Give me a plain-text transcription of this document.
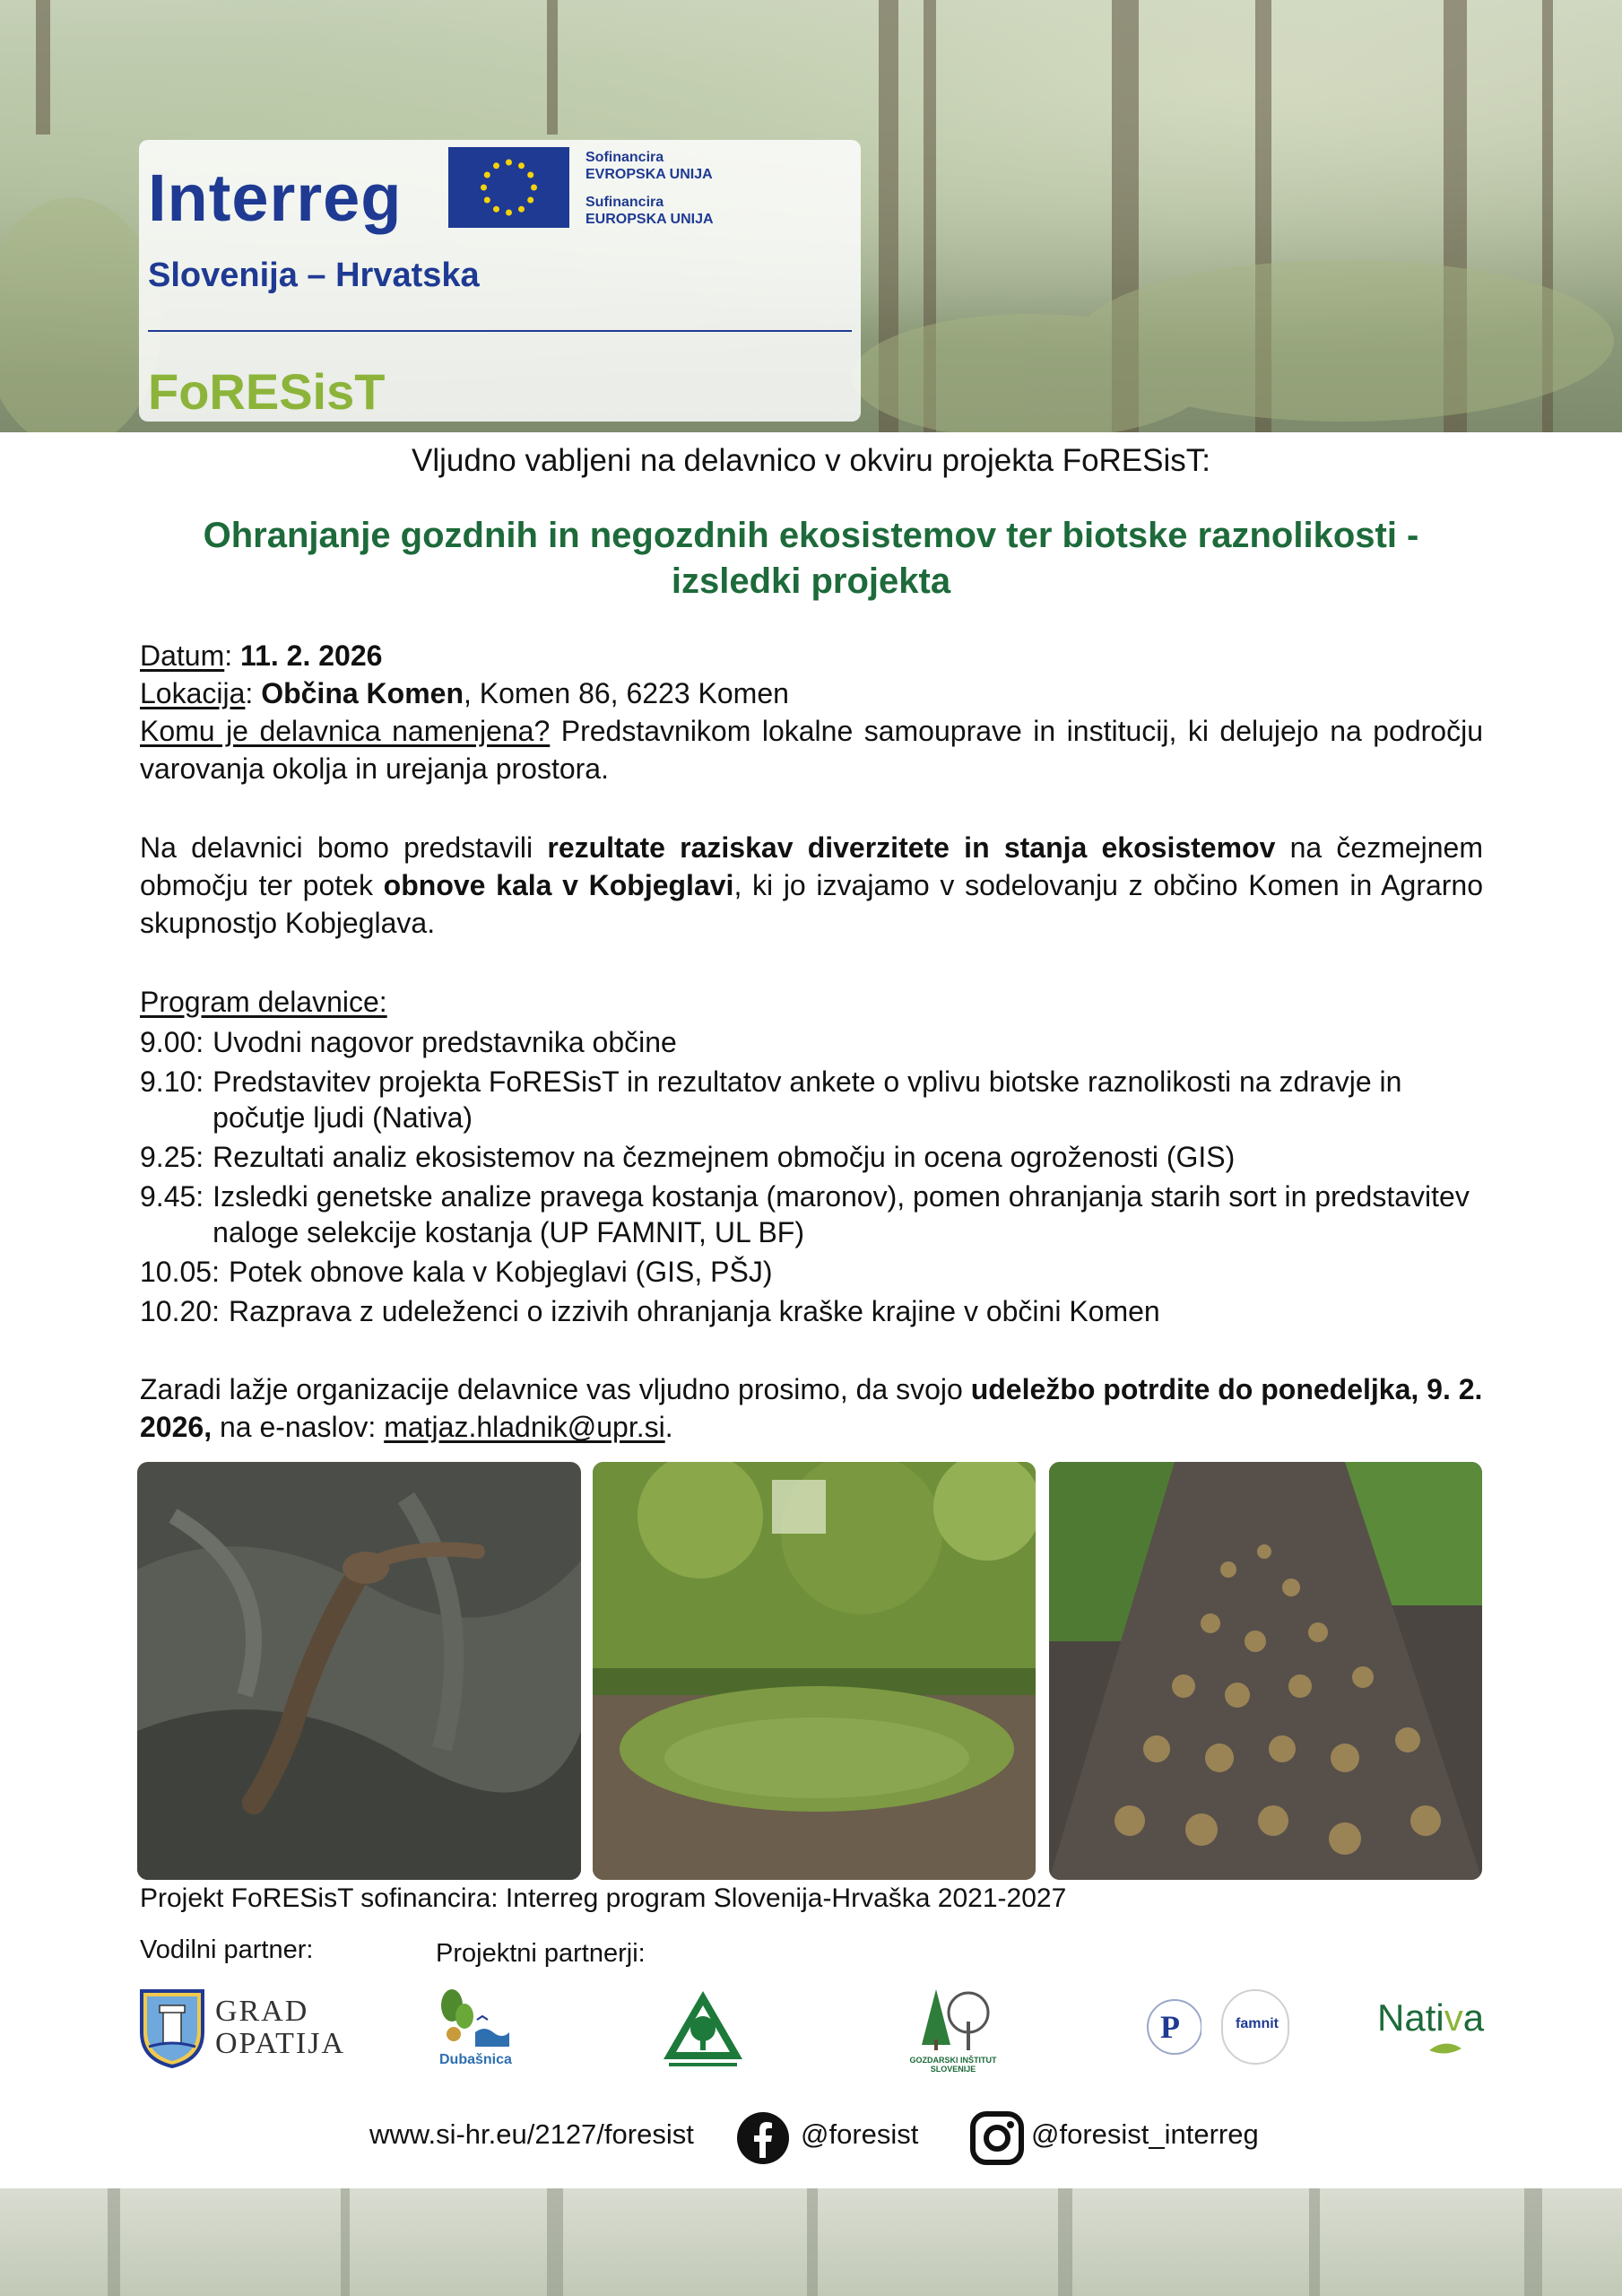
Interreg
Sofinancira
EVROPSKA UNIJA
Sufinancira
EUROPSKA UNIJA
Slovenija – Hrvatska
FoRESisT
Vljudno vabljeni na delavnico v okviru projekta FoRESisT:
Ohranjanje gozdnih in negozdnih ekosistemov ter biotske raznolikosti -
izsledki projekta
Datum: 11. 2. 2026
Lokacija: Občina Komen, Komen 86, 6223 Komen
Komu je delavnica namenjena? Predstavnikom lokalne samouprave in institucij, ki delujejo na področju varovanja okolja in urejanja prostora.
Na delavnici bomo predstavili rezultate raziskav diverzitete in stanja ekosistemov na čezmejnem območju ter potek obnove kala v Kobjeglavi, ki jo izvajamo v sodelovanju z občino Komen in Agrarno skupnostjo Kobjeglava.
Program delavnice:
9.00: Uvodni nagovor predstavnika občine
9.10: Predstavitev projekta FoRESisT in rezultatov ankete o vplivu biotske raznolikosti na zdravje in počutje ljudi (Nativa)
9.25: Rezultati analiz ekosistemov na čezmejnem območju in ocena ogroženosti (GIS)
9.45: Izsledki genetske analize pravega kostanja (maronov), pomen ohranjanja starih sort in predstavitev naloge selekcije kostanja (UP FAMNIT, UL BF)
10.05: Potek obnove kala v Kobjeglavi (GIS, PŠJ)
10.20: Razprava z udeleženci o izzivih ohranjanja kraške krajine v občini Komen
Zaradi lažje organizacije delavnice vas vljudno prosimo, da svojo udeležbo potrdite do ponedeljka, 9. 2. 2026, na e-naslov: matjaz.hladnik@upr.si.
Projekt FoRESisT sofinancira: Interreg program Slovenija-Hrvaška 2021-2027
Vodilni partner:	Projektni partnerji:
GRAD
OPATIJA	Dubašnica	GOZDARSKI INŠTITUT SLOVENIJE
P	famnit	Nativa
www.si-hr.eu/2127/foresist	@foresist	@foresist_interreg
